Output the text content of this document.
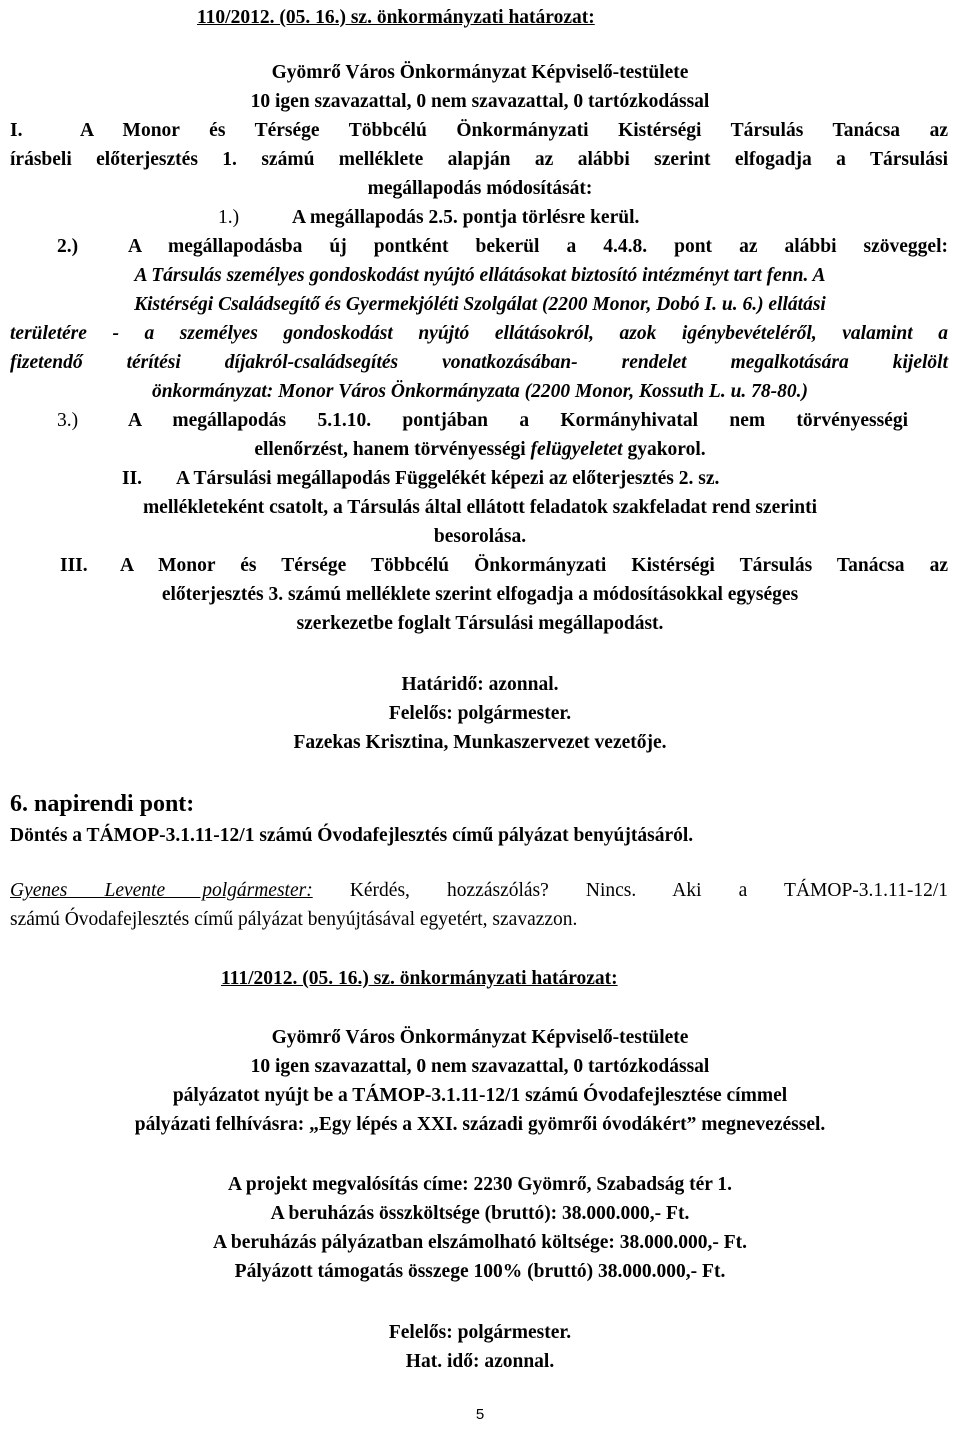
110/2012. (05. 16.) sz. önkormányzati határozat:
Gyömrő Város Önkormányzat Képviselő-testülete
10 igen szavazattal, 0 nem szavazattal, 0 tartózkodással
I.	A Monor és Térsége Többcélú Önkormányzati Kistérségi Társulás Tanácsa az
írásbeli előterjesztés 1. számú melléklete alapján az alábbi szerint elfogadja a Társulási
megállapodás módosítását:
1.)	A megállapodás 2.5. pontja törlésre kerül.
2.)	A megállapodásba új pontként bekerül a 4.4.8. pont az alábbi szöveggel:
A Társulás személyes gondoskodást nyújtó ellátásokat biztosító intézményt tart fenn. A
Kistérségi Családsegítő és Gyermekjóléti Szolgálat (2200 Monor, Dobó I. u. 6.) ellátási
területére - a személyes gondoskodást nyújtó ellátásokról, azok igénybevételéről, valamint a
fizetendő térítési díjakról-családsegítés vonatkozásában- rendelet megalkotására kijelölt
önkormányzat: Monor Város Önkormányzata (2200 Monor, Kossuth L. u. 78-80.)
3.)	A megállapodás 5.1.10. pontjában a Kormányhivatal nem törvényességi
ellenőrzést, hanem törvényességi felügyeletet gyakorol.
II. A Társulási megállapodás Függelékét képezi az előterjesztés 2. sz.
mellékleteként csatolt, a Társulás által ellátott feladatok szakfeladat rend szerinti
besorolása.
III. A Monor és Térsége Többcélú Önkormányzati Kistérségi Társulás Tanácsa az
előterjesztés 3. számú melléklete szerint elfogadja a módosításokkal egységes
szerkezetbe foglalt Társulási megállapodást.
Határidő: azonnal.
Felelős: polgármester.
Fazekas Krisztina, Munkaszervezet vezetője.
6. napirendi pont:
Döntés a TÁMOP-3.1.11-12/1 számú Óvodafejlesztés című pályázat benyújtásáról.
Gyenes Levente polgármester: Kérdés, hozzászólás? Nincs. Aki a TÁMOP-3.1.11-12/1
számú Óvodafejlesztés című pályázat benyújtásával egyetért, szavazzon.
111/2012. (05. 16.) sz. önkormányzati határozat:
Gyömrő Város Önkormányzat Képviselő-testülete
10 igen szavazattal, 0 nem szavazattal, 0 tartózkodással
pályázatot nyújt be a TÁMOP-3.1.11-12/1 számú Óvodafejlesztése címmel
pályázati felhívásra: „Egy lépés a XXI. századi gyömrői óvodákért” megnevezéssel.
A projekt megvalósítás címe: 2230 Gyömrő, Szabadság tér 1.
A beruházás összköltsége (bruttó): 38.000.000,- Ft.
A beruházás pályázatban elszámolható költsége: 38.000.000,- Ft.
Pályázott támogatás összege 100% (bruttó) 38.000.000,- Ft.
Felelős: polgármester.
Hat. idő: azonnal.
5
